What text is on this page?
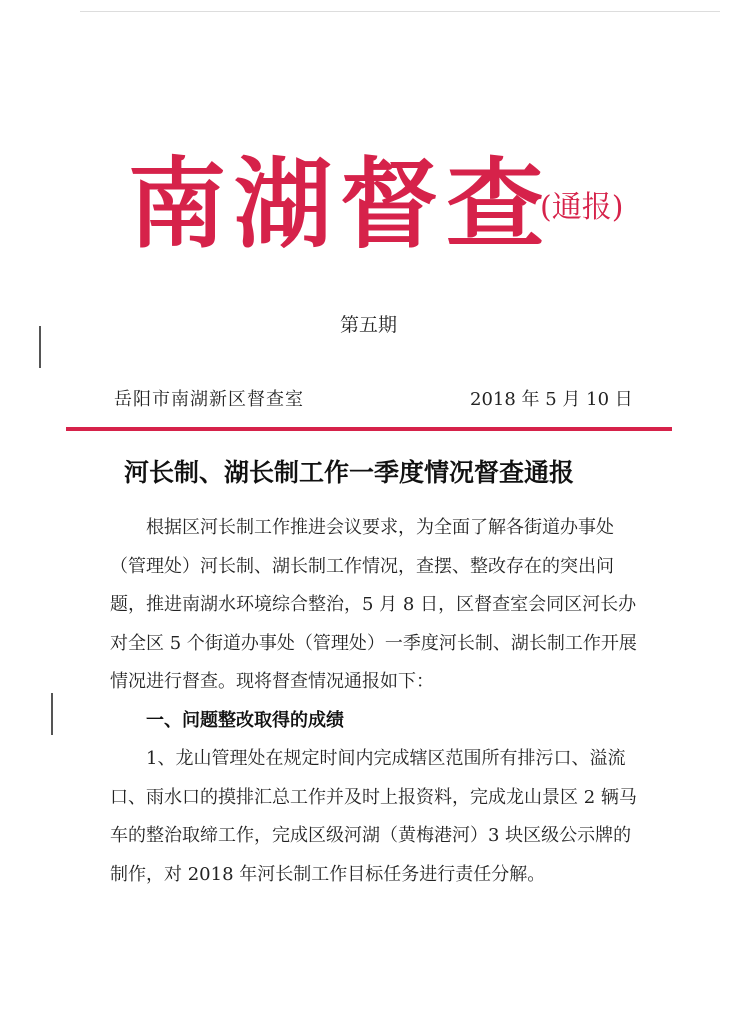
南湖督查
(通报)
第五期
岳阳市南湖新区督查室	2018 年 5 月 10 日
河长制、湖长制工作一季度情况督查通报

根据区河长制工作推进会议要求，为全面了解各街道办事处（管理处）河长制、湖长制工作情况，查摆、整改存在的突出问题，推进南湖水环境综合整治，5 月 8 日，区督查室会同区河长办对全区 5 个街道办事处（管理处）一季度河长制、湖长制工作开展情况进行督查。现将督查情况通报如下：

一、问题整改取得的成绩

1、龙山管理处在规定时间内完成辖区范围所有排污口、溢流口、雨水口的摸排汇总工作并及时上报资料，完成龙山景区 2 辆马车的整治取缔工作，完成区级河湖（黄梅港河）3 块区级公示牌的制作，对 2018 年河长制工作目标任务进行责任分解。
